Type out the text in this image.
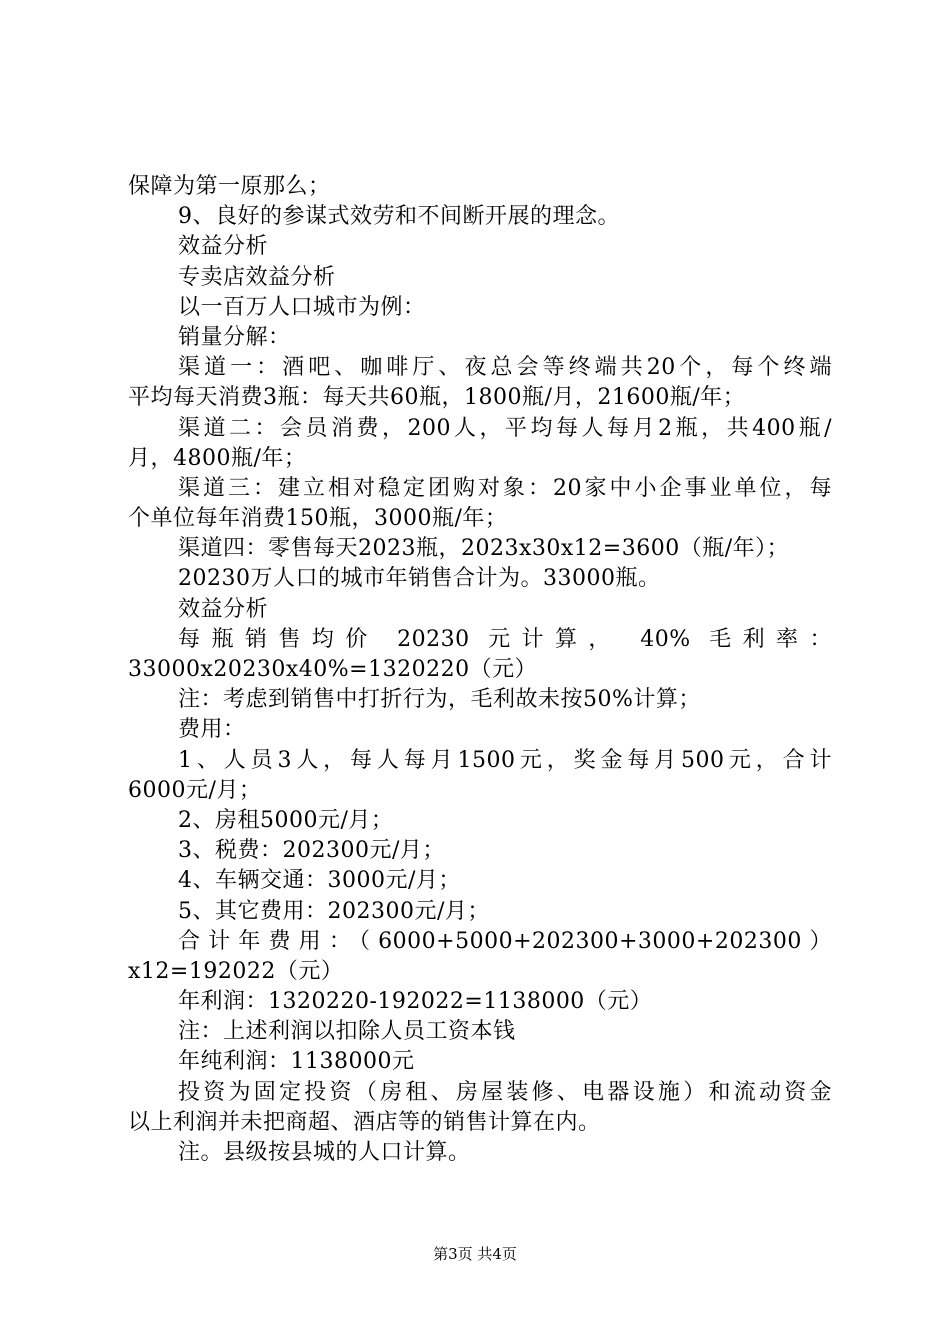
保障为第一原那么；
9、良好的参谋式效劳和不间断开展的理念。
效益分析
专卖店效益分析
以一百万人口城市为例：
销量分解：
渠道一：酒吧、咖啡厅、夜总会等终端共20个，每个终端
平均每天消费3瓶：每天共60瓶，1800瓶/月，21600瓶/年；
渠道二：会员消费，200人，平均每人每月2瓶，共400瓶/
月，4800瓶/年；
渠道三：建立相对稳定团购对象：20家中小企事业单位，每
个单位每年消费150瓶，3000瓶/年；
渠道四：零售每天2023瓶，2023x30x12=3600（瓶/年）；
20230万人口的城市年销售合计为。33000瓶。
效益分析
每瓶销售均价 20230 元计算， 40% 毛利率：
33000x20230x40%=1320220（元）
注：考虑到销售中打折行为，毛利故未按50%计算；
费用：
1、人员3人，每人每月1500元，奖金每月500元，合计
6000元/月；
2、房租5000元/月；
3、税费：202300元/月；
4、车辆交通：3000元/月；
5、其它费用：202300元/月；
合计年费用：（6000+5000+202300+3000+202300）
x12=192022（元）
年利润：1320220-192022=1138000（元）
注：上述利润以扣除人员工资本钱
年纯利润：1138000元
投资为固定投资（房租、房屋装修、电器设施）和流动资金
以上利润并未把商超、酒店等的销售计算在内。
注。县级按县城的人口计算。
第3页 共4页
